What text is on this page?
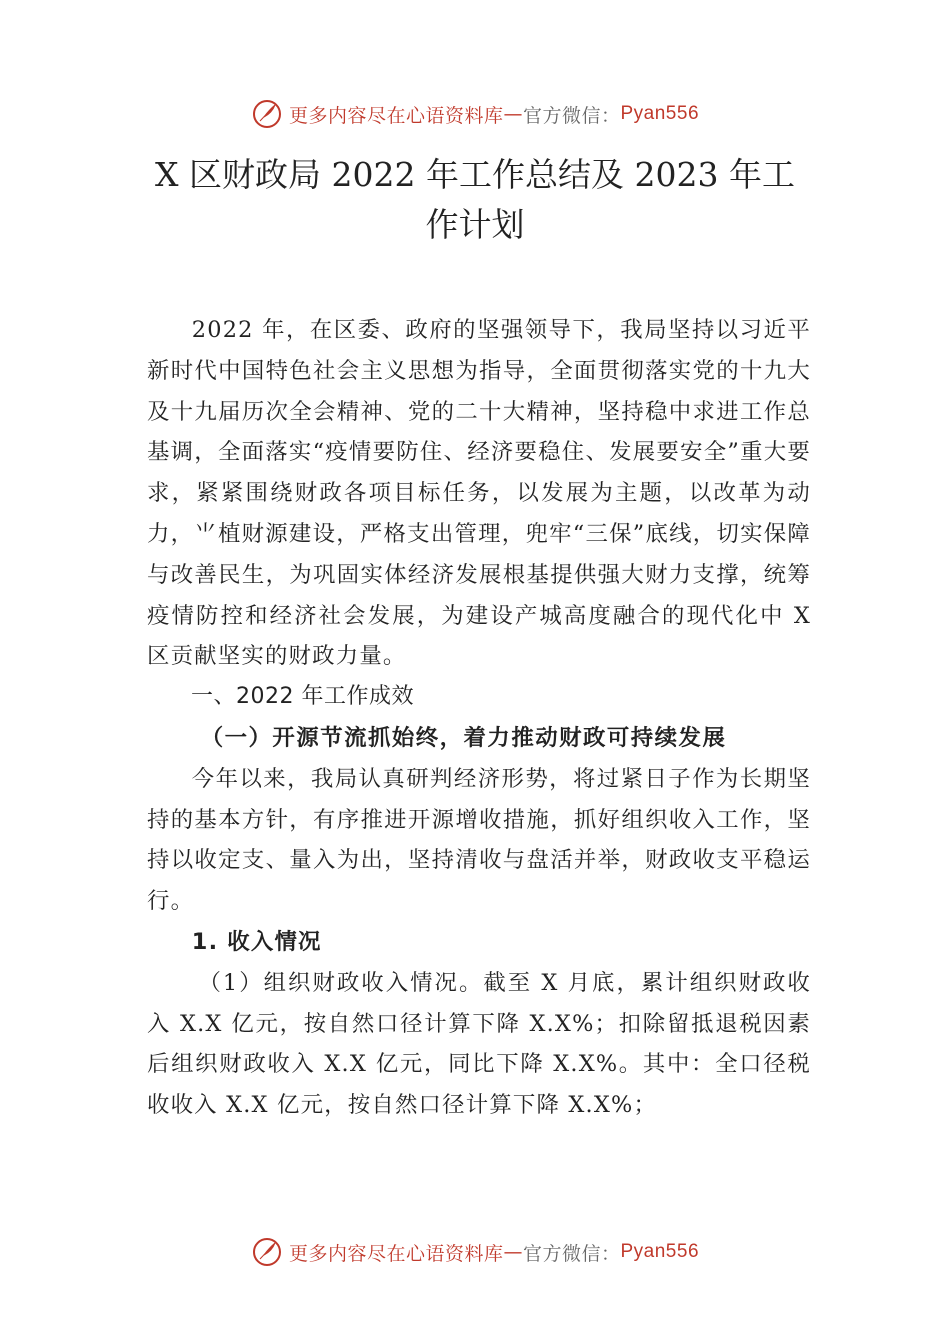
更多内容尽在心语资料库 — 官方微信： Pyan556
X 区财政局 2022 年工作总结及 2023 年工作计划

2022 年，在区委、政府的坚强领导下，我局坚持以习近平新时代中国特色社会主义思想为指导，全面贯彻落实党的十九大及十九届历次全会精神、党的二十大精神，坚持稳中求进工作总基调，全面落实“疫情要防住、经济要稳住、发展要安全”重大要求，紧紧围绕财政各项目标任务，以发展为主题，以改革为动力，⺌植财源建设，严格支出管理，兜牢“三保”底线，切实保障与改善民生，为巩固实体经济发展根基提供强大财力支撑，统筹疫情防控和经济社会发展，为建设产城高度融合的现代化中 X 区贡献坚实的财政力量。

一、2022 年工作成效

（一）开源节流抓始终，着力推动财政可持续发展

今年以来，我局认真研判经济形势，将过紧日子作为长期坚持的基本方针，有序推进开源增收措施，抓好组织收入工作，坚持以收定支、量入为出，坚持清收与盘活并举，财政收支平稳运行。

1. 收入情况

（1）组织财政收入情况。截至 X 月底，累计组织财政收入 X.X 亿元，按自然口径计算下降 X.X%；扣除留抵退税因素后组织财政收入 X.X 亿元，同比下降 X.X%。其中：全口径税收收入 X.X 亿元，按自然口径计算下降 X.X%；

更多内容尽在心语资料库 — 官方微信： Pyan556
